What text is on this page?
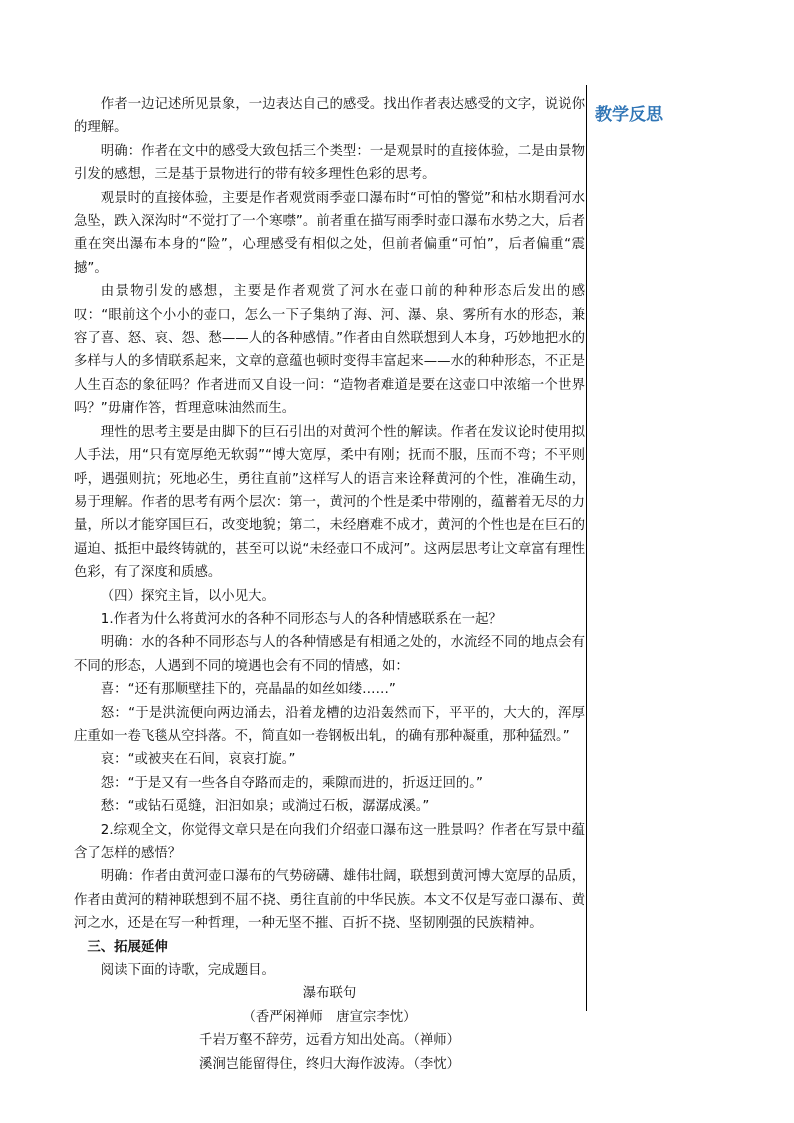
教学反思

作者一边记述所见景象，一边表达自己的感受。找出作者表达感受的文字，说说你的理解。

明确：作者在文中的感受大致包括三个类型：一是观景时的直接体验，二是由景物引发的感想，三是基于景物进行的带有较多理性色彩的思考。

观景时的直接体验，主要是作者观赏雨季壶口瀑布时“可怕的警觉”和枯水期看河水急坠，跌入深沟时“不觉打了一个寒噤”。前者重在描写雨季时壶口瀑布水势之大，后者重在突出瀑布本身的“险”，心理感受有相似之处，但前者偏重“可怕”，后者偏重“震撼”。

由景物引发的感想，主要是作者观赏了河水在壶口前的种种形态后发出的感叹：“眼前这个小小的壶口，怎么一下子集纳了海、河、瀑、泉、雾所有水的形态，兼容了喜、怒、哀、怨、愁——人的各种感情。”作者由自然联想到人本身，巧妙地把水的多样与人的多情联系起来，文章的意蕴也顿时变得丰富起来——水的种种形态，不正是人生百态的象征吗？作者进而又自设一问：“造物者难道是要在这壶口中浓缩一个世界吗？”毋庸作答，哲理意味油然而生。

理性的思考主要是由脚下的巨石引出的对黄河个性的解读。作者在发议论时使用拟人手法，用“只有宽厚绝无软弱”“博大宽厚，柔中有刚；抚而不服，压而不弯；不平则呼，遇强则抗；死地必生，勇往直前”这样写人的语言来诠释黄河的个性，准确生动，易于理解。作者的思考有两个层次：第一，黄河的个性是柔中带刚的，蕴蓄着无尽的力量，所以才能穿国巨石，改变地貌；第二，未经磨难不成才，黄河的个性也是在巨石的逼迫、抵拒中最终铸就的，甚至可以说“未经壶口不成河”。这两层思考让文章富有理性色彩，有了深度和质感。

（四）探究主旨，以小见大。

1.作者为什么将黄河水的各种不同形态与人的各种情感联系在一起？

明确：水的各种不同形态与人的各种情感是有相通之处的，水流经不同的地点会有不同的形态，人遇到不同的境遇也会有不同的情感，如：

喜：“还有那顺壁挂下的，亮晶晶的如丝如缕……”

怒：“于是洪流便向两边涌去，沿着龙槽的边沿轰然而下，平平的，大大的，浑厚庄重如一卷飞毯从空抖落。不，简直如一卷钢板出轧，的确有那种凝重，那种猛烈。”

哀：“或被夹在石间，哀哀打旋。”

怨：“于是又有一些各自夺路而走的，乘隙而进的，折返迂回的。”

愁：“或钻石觅缝，汩汩如泉；或淌过石板，潺潺成溪。”

2.综观全文，你觉得文章只是在向我们介绍壶口瀑布这一胜景吗？作者在写景中蕴含了怎样的感悟？

明确：作者由黄河壶口瀑布的气势磅礴、雄伟壮阔，联想到黄河博大宽厚的品质，作者由黄河的精神联想到不屈不挠、勇往直前的中华民族。本文不仅是写壶口瀑布、黄河之水，还是在写一种哲理，一种无坚不摧、百折不挠、坚韧刚强的民族精神。

三、拓展延伸

阅读下面的诗歌，完成题目。

瀑布联句

（香严闲禅师　唐宣宗李忱）

千岩万壑不辞劳，远看方知出处高。（禅师）

溪涧岂能留得住，终归大海作波涛。（李忱）
